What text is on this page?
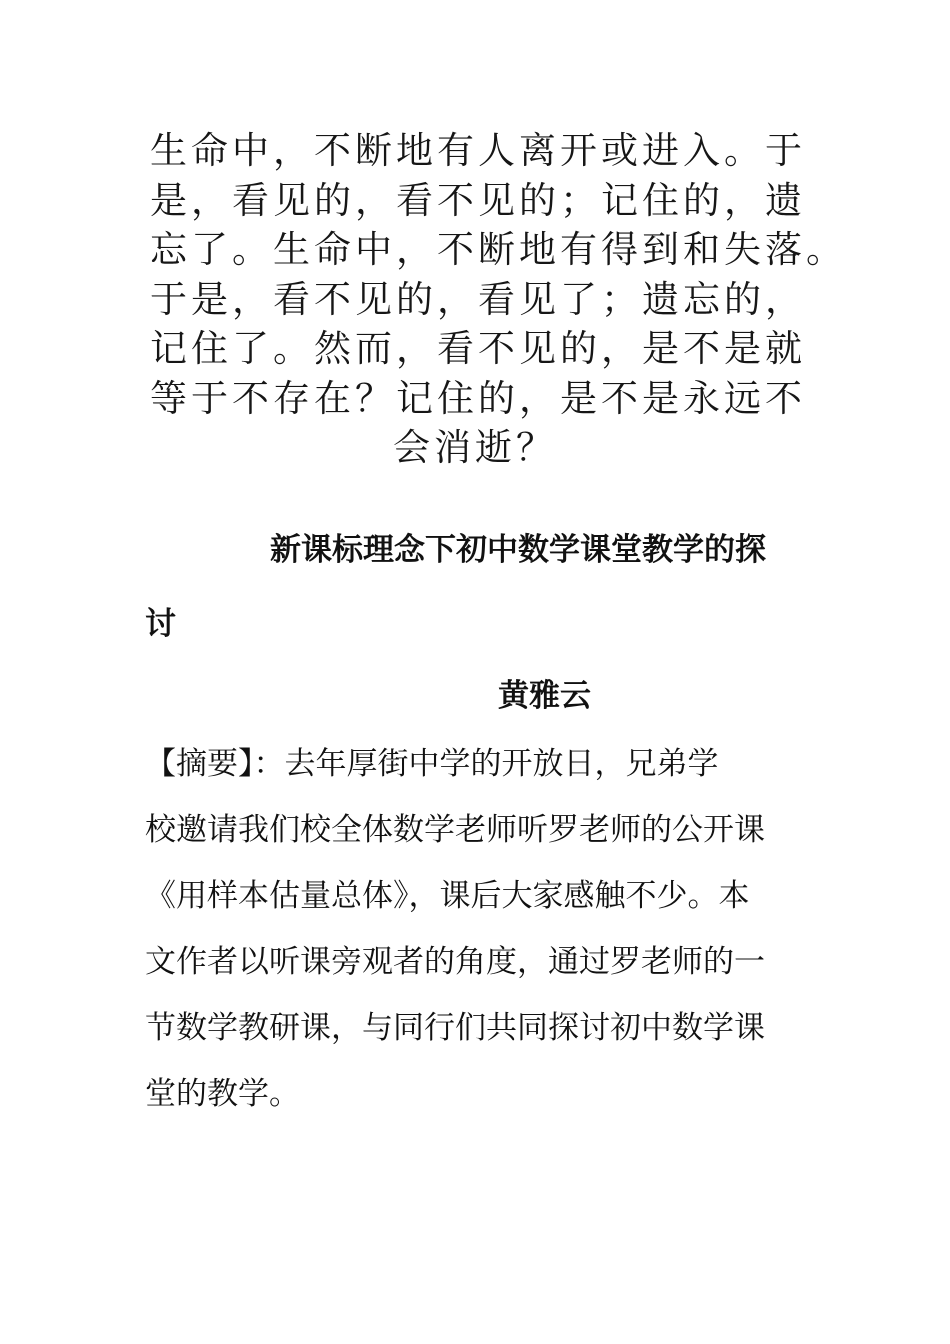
生命中，不断地有人离开或进入。于
是，看见的，看不见的；记住的，遗
忘了。生命中，不断地有得到和失落。
于是，看不见的，看见了；遗忘的，
记住了。然而，看不见的，是不是就
等于不存在？记住的，是不是永远不
会消逝？
新课标理念下初中数学课堂教学的探
讨
黄雅云
【摘要】：去年厚街中学的开放日，兄弟学
校邀请我们校全体数学老师听罗老师的公开课
《用样本估量总体》，课后大家感触不少。本
文作者以听课旁观者的角度，通过罗老师的一
节数学教研课，与同行们共同探讨初中数学课
堂的教学。
